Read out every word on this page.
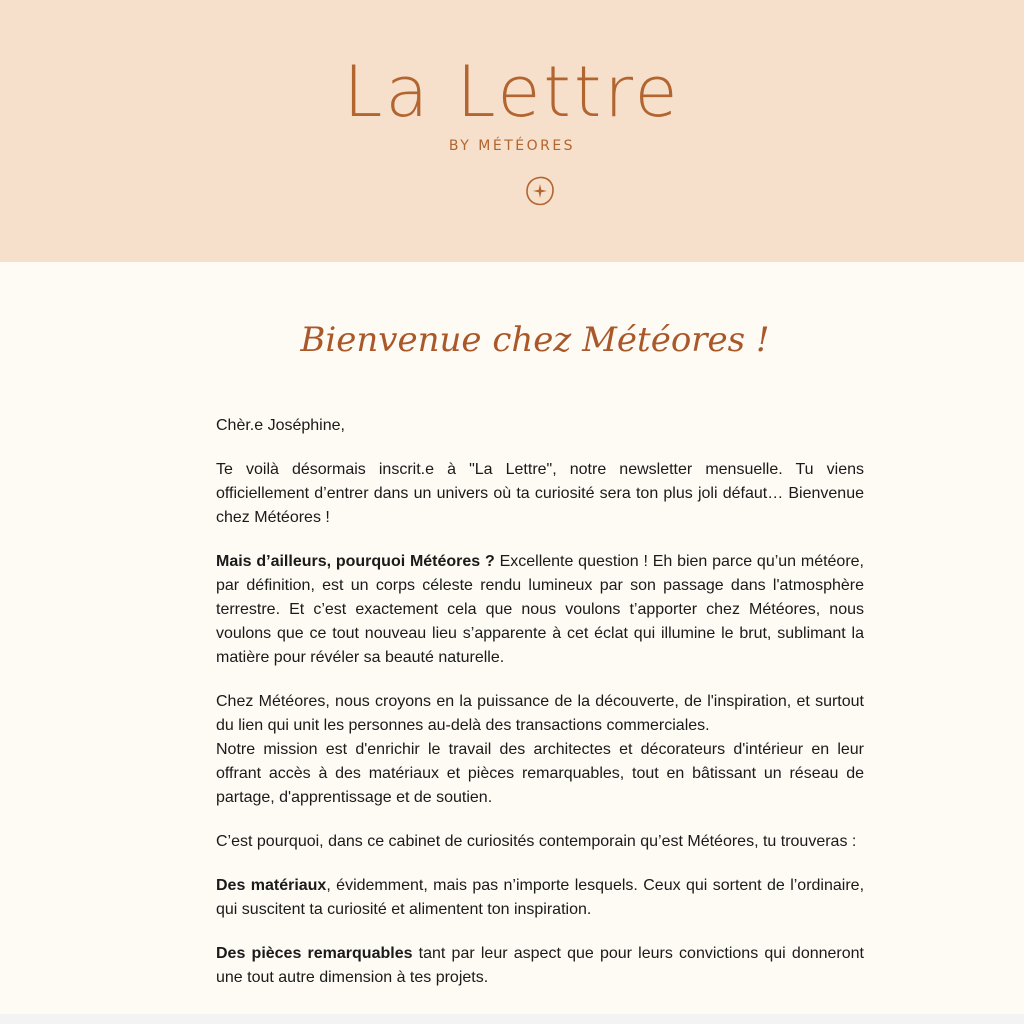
La Lettre
BY MÉTÉORES
Bienvenue chez Météores !

Chèr.e Joséphine,

Te voilà désormais inscrit.e à "La Lettre", notre newsletter mensuelle. Tu viens officiellement d’entrer dans un univers où ta curiosité sera ton plus joli défaut… Bienvenue chez Météores !

Mais d’ailleurs, pourquoi Météores ? Excellente question ! Eh bien parce qu’un météore, par définition, est un corps céleste rendu lumineux par son passage dans l'atmosphère terrestre. Et c’est exactement cela que nous voulons t’apporter chez Météores, nous voulons que ce tout nouveau lieu s’apparente à cet éclat qui illumine le brut, sublimant la matière pour révéler sa beauté naturelle.

Chez Météores, nous croyons en la puissance de la découverte, de l'inspiration, et surtout du lien qui unit les personnes au-delà des transactions commerciales.
Notre mission est d'enrichir le travail des architectes et décorateurs d'intérieur en leur offrant accès à des matériaux et pièces remarquables, tout en bâtissant un réseau de partage, d'apprentissage et de soutien.

C’est pourquoi, dans ce cabinet de curiosités contemporain qu’est Météores, tu trouveras :

Des matériaux, évidemment, mais pas n’importe lesquels. Ceux qui sortent de l’ordinaire, qui suscitent ta curiosité et alimentent ton inspiration.

Des pièces remarquables tant par leur aspect que pour leurs convictions qui donneront une tout autre dimension à tes projets.
